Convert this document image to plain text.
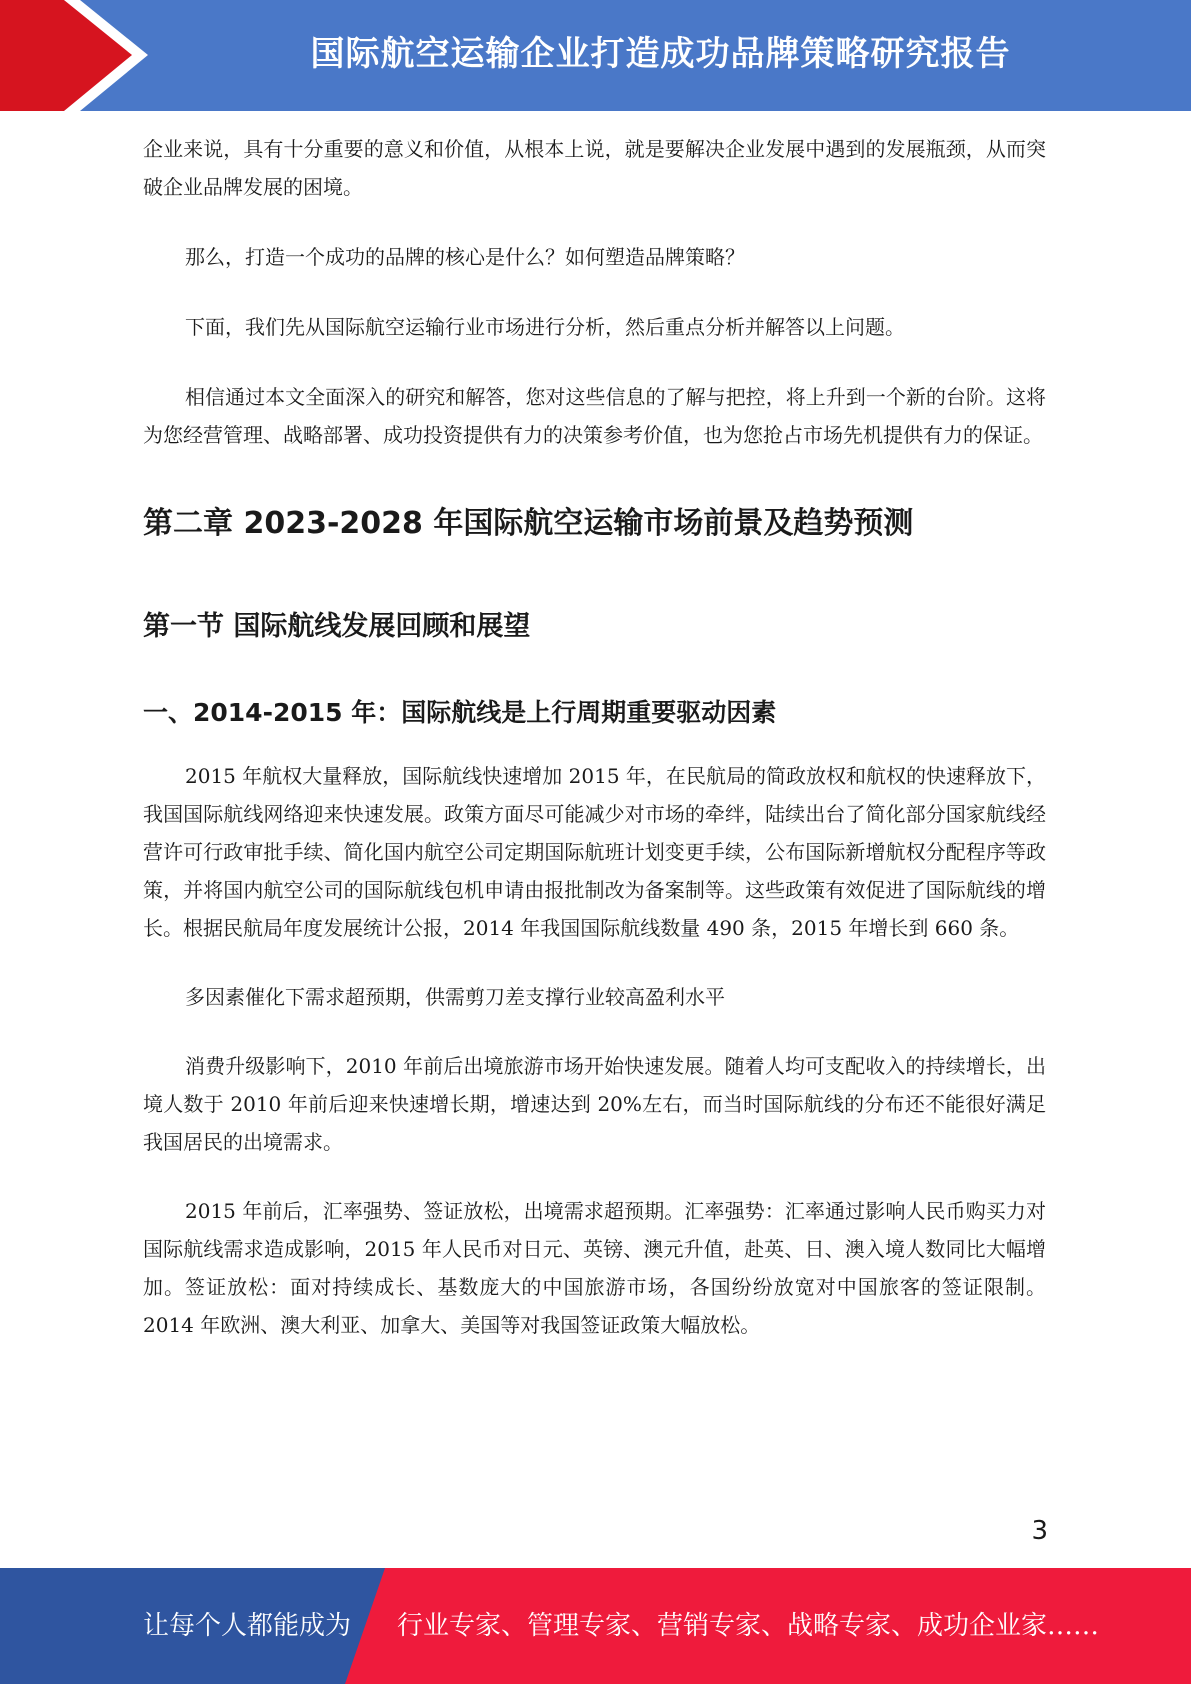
国际航空运输企业打造成功品牌策略研究报告

企业来说，具有十分重要的意义和价值，从根本上说，就是要解决企业发展中遇到的发展瓶颈，从而突破企业品牌发展的困境。

那么，打造一个成功的品牌的核心是什么？如何塑造品牌策略？

下面，我们先从国际航空运输行业市场进行分析，然后重点分析并解答以上问题。

相信通过本文全面深入的研究和解答，您对这些信息的了解与把控，将上升到一个新的台阶。这将为您经营管理、战略部署、成功投资提供有力的决策参考价值，也为您抢占市场先机提供有力的保证。

第二章 2023-2028 年国际航空运输市场前景及趋势预测
第一节 国际航线发展回顾和展望
一、2014-2015 年：国际航线是上行周期重要驱动因素

2015 年航权大量释放，国际航线快速增加 2015 年，在民航局的简政放权和航权的快速释放下，我国国际航线网络迎来快速发展。政策方面尽可能减少对市场的牵绊，陆续出台了简化部分国家航线经营许可行政审批手续、简化国内航空公司定期国际航班计划变更手续，公布国际新增航权分配程序等政策，并将国内航空公司的国际航线包机申请由报批制改为备案制等。这些政策有效促进了国际航线的增长。根据民航局年度发展统计公报，2014 年我国国际航线数量 490 条，2015 年增长到 660 条。

多因素催化下需求超预期，供需剪刀差支撑行业较高盈利水平

消费升级影响下，2010 年前后出境旅游市场开始快速发展。随着人均可支配收入的持续增长，出境人数于 2010 年前后迎来快速增长期，增速达到 20%左右，而当时国际航线的分布还不能很好满足我国居民的出境需求。

2015 年前后，汇率强势、签证放松，出境需求超预期。汇率强势：汇率通过影响人民币购买力对国际航线需求造成影响，2015 年人民币对日元、英镑、澳元升值，赴英、日、澳入境人数同比大幅增加。签证放松：面对持续成长、基数庞大的中国旅游市场，各国纷纷放宽对中国旅客的签证限制。2014 年欧洲、澳大利亚、加拿大、美国等对我国签证政策大幅放松。

3
让每个人都能成为 行业专家、管理专家、营销专家、战略专家、成功企业家……
